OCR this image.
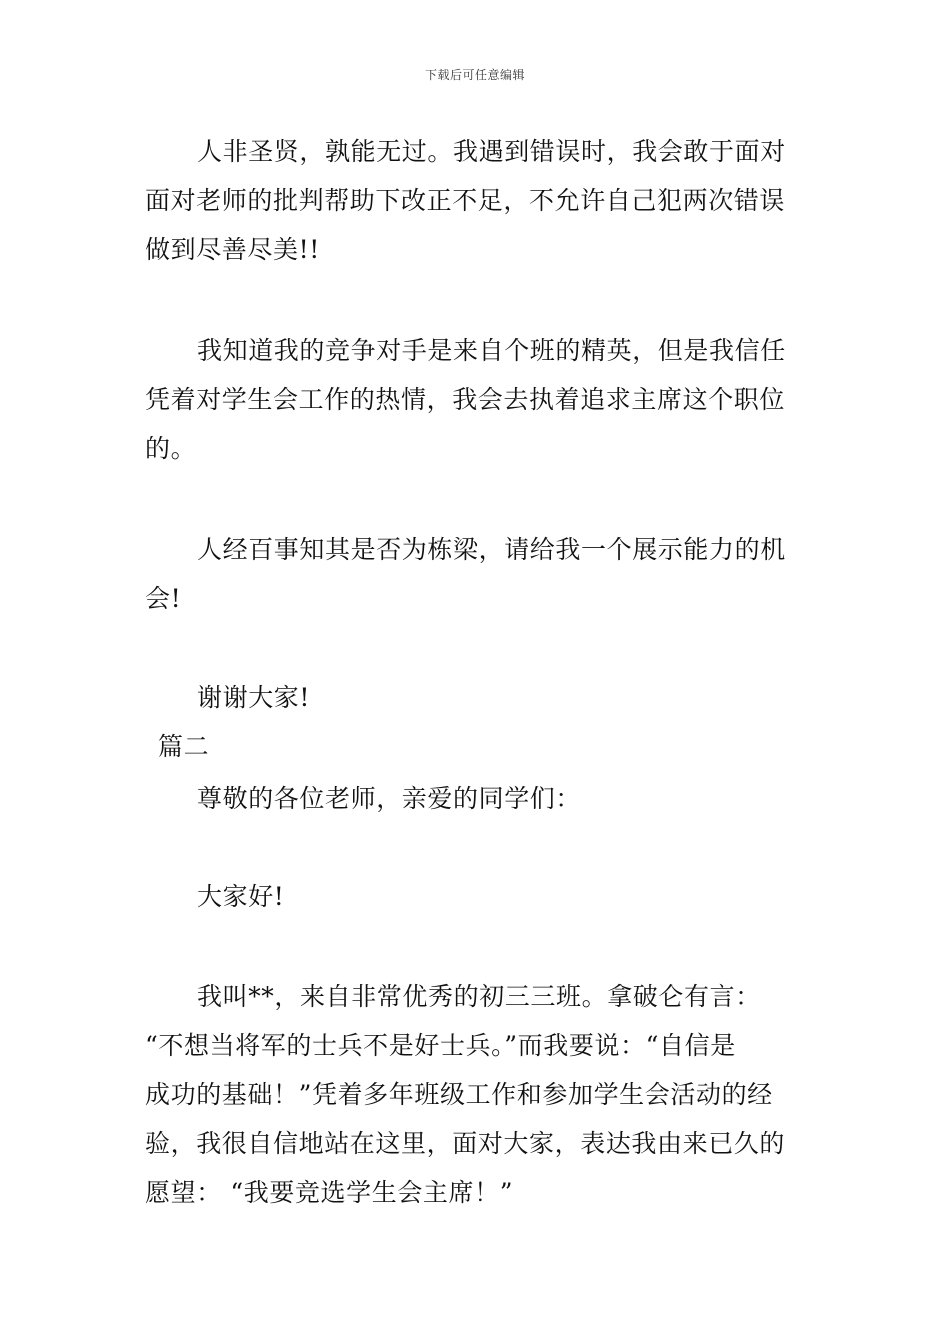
下载后可任意编辑
人非圣贤，孰能无过。我遇到错误时，我会敢于面对
面对老师的批判帮助下改正不足，不允许自己犯两次错误
做到尽善尽美!!
我知道我的竞争对手是来自个班的精英，但是我信任
凭着对学生会工作的热情，我会去执着追求主席这个职位
的。
人经百事知其是否为栋梁，请给我一个展示能力的机
会!
谢谢大家!
篇二
尊敬的各位老师，亲爱的同学们：
大家好!
我叫**，来自非常优秀的初三三班。拿破仑有言：
“不想当将军的士兵不是好士兵。”而我要说：“自信是
成功的基础！”凭着多年班级工作和参加学生会活动的经
验，我很自信地站在这里，面对大家，表达我由来已久的
愿望： “我要竞选学生会主席！”
